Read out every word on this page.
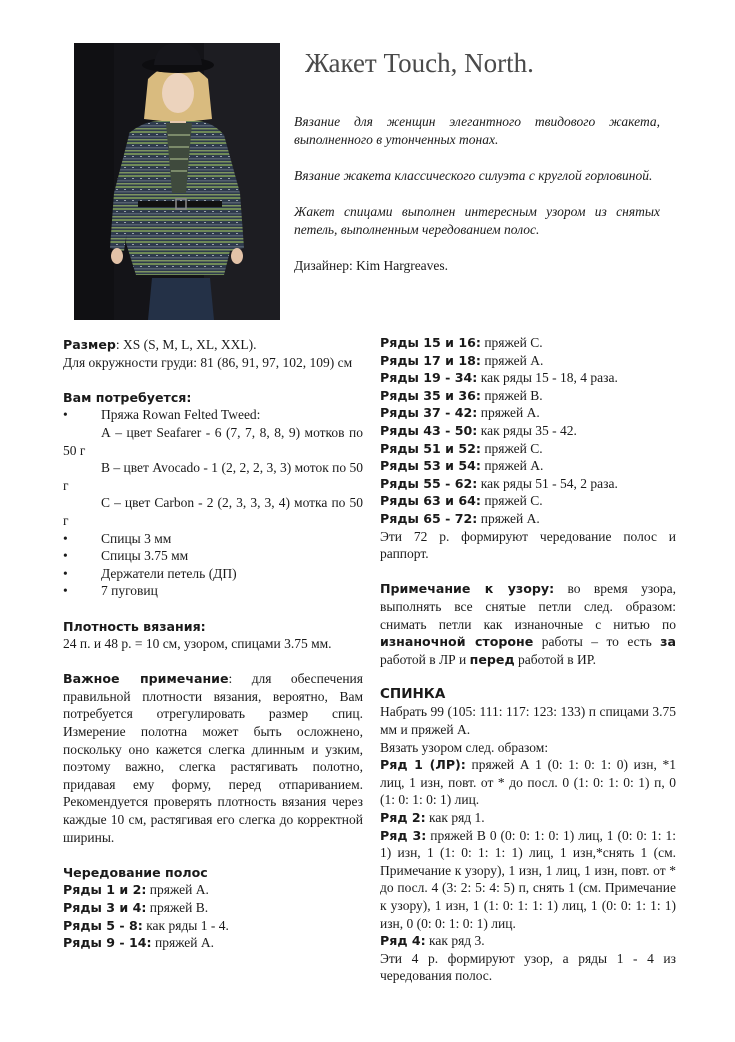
Жакет Touch, North.

Вязание для женщин элегантного твидового жакета, выполненного в утонченных тонах.

Вязание жакета классического силуэта с круглой горловиной.

Жакет спицами выполнен интересным узором из снятых петель, выполненным чередованием полос.

Дизайнер: Kim Hargreaves.

Размер: XS (S, M, L, XL, XXL).

Для окружности груди: 81 (86, 91, 97, 102, 109) см

Вам потребуется:

• Пряжа Rowan Felted Tweed:

А – цвет Seafarer - 6 (7, 7, 8, 8, 9) мотков по 50 г

В – цвет Avocado - 1 (2, 2, 2, 3, 3) моток по 50 г

С – цвет Carbon - 2 (2, 3, 3, 3, 4) мотка по 50 г

• Спицы 3 мм
• Спицы 3.75 мм
• Держатели петель (ДП)
• 7 пуговиц

Плотность вязания:

24 п. и 48 р. = 10 см, узором, спицами 3.75 мм.

Важное примечание: для обеспечения правильной плотности вязания, вероятно, Вам потребуется отрегулировать размер спиц. Измерение полотна может быть осложнено, поскольку оно кажется слегка длинным и узким, поэтому важно, слегка растягивать полотно, придавая ему форму, перед отпариванием. Рекомендуется проверять плотность вязания через каждые 10 см, растягивая его слегка до корректной ширины.

Чередование полос

Ряды 1 и 2: пряжей А.

Ряды 3 и 4: пряжей В.

Ряды 5 - 8: как ряды 1 - 4.

Ряды 9 - 14: пряжей А.

Ряды 15 и 16: пряжей С.

Ряды 17 и 18: пряжей А.

Ряды 19 - 34: как ряды 15 - 18, 4 раза.

Ряды 35 и 36: пряжей В.

Ряды 37 - 42: пряжей А.

Ряды 43 - 50: как ряды 35 - 42.

Ряды 51 и 52: пряжей С.

Ряды 53 и 54: пряжей А.

Ряды 55 - 62: как ряды 51 - 54, 2 раза.

Ряды 63 и 64: пряжей С.

Ряды 65 - 72: пряжей А.

Эти 72 р. формируют чередование полос и раппорт.

Примечание к узору: во время узора, выполнять все снятые петли след. образом: снимать петли как изнаночные с нитью по изнаночной стороне работы – то есть за работой в ЛР и перед работой в ИР.

СПИНКА

Набрать 99 (105: 111: 117: 123: 133) п спицами 3.75 мм и пряжей А.

Вязать узором след. образом:

Ряд 1 (ЛР): пряжей А 1 (0: 1: 0: 1: 0) изн, *1 лиц, 1 изн, повт. от * до посл. 0 (1: 0: 1: 0: 1) п, 0 (1: 0: 1: 0: 1) лиц.

Ряд 2: как ряд 1.

Ряд 3: пряжей В 0 (0: 0: 1: 0: 1) лиц, 1 (0: 0: 1: 1: 1) изн, 1 (1: 0: 1: 1: 1) лиц, 1 изн,*снять 1 (см. Примечание к узору), 1 изн, 1 лиц, 1 изн, повт. от * до посл. 4 (3: 2: 5: 4: 5) п, снять 1 (см. Примечание к узору), 1 изн, 1 (1: 0: 1: 1: 1) лиц, 1 (0: 0: 1: 1: 1) изн, 0 (0: 0: 1: 0: 1) лиц.

Ряд 4: как ряд 3.

Эти 4 р. формируют узор, а ряды 1 - 4 из чередования полос.
